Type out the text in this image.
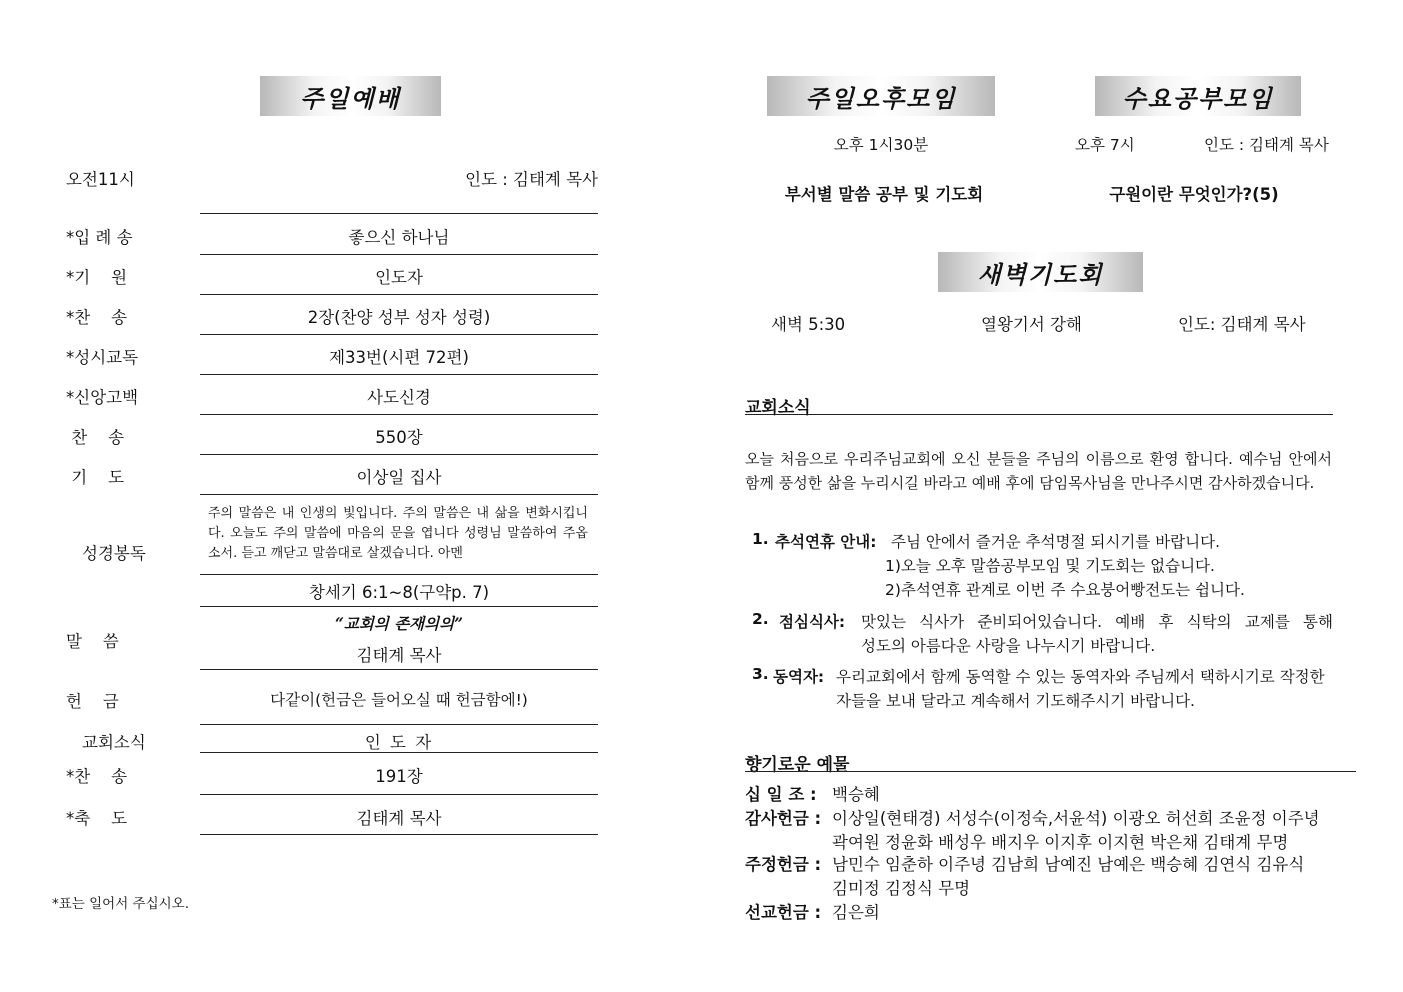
주일예배
오전11시	인도 : 김태계 목사
*입 례 송	좋으신 하나님
*기    원	인도자
*찬    송	2장(찬양 성부 성자 성령)
*성시교독	제33번(시편 72편)
*신앙고백	사도신경
찬    송	550장
기    도	이상일 집사
성경봉독
주의 말씀은 내 인생의 빛입니다. 주의 말씀은 내 삶을 변화시킵니다. 오늘도 주의 말씀에 마음의 문을 엽니다 성령님 말씀하여 주옵소서. 듣고 깨닫고 말씀대로 살겠습니다. 아멘
창세기 6:1~8(구약p. 7)
말    씀
“교회의 존재의의”
김태계 목사
헌    금	다같이(헌금은 들어오실 때 헌금함에!)
교회소식	인 도 자
*찬    송	191장
*축    도	김태계 목사
*표는 일어서 주십시오.
주일오후모임	수요공부모임
오후 1시30분	오후 7시	인도 : 김태계 목사
부서별 말씀 공부 및 기도회	구원이란 무엇인가?(5)
새벽기도회
새벽 5:30	열왕기서 강해	인도: 김태계 목사
교회소식
오늘 처음으로 우리주님교회에 오신 분들을 주님의 이름으로 환영 합니다. 예수님 안에서 함께 풍성한 삶을 누리시길 바라고 예배 후에 담임목사님을 만나주시면 감사하겠습니다.
1. 추석연휴 안내: 주님 안에서 즐거운 추석명절 되시기를 바랍니다.
1)오늘 오후 말씀공부모임 및 기도회는 없습니다.
2)추석연휴 관계로 이번 주 수요붕어빵전도는 쉽니다.
2. 점심식사: 맛있는 식사가 준비되어있습니다. 예배 후 식탁의 교제를 통해
성도의 아름다운 사랑을 나누시기 바랍니다.
3. 동역자: 우리교회에서 함께 동역할 수 있는 동역자와 주님께서 택하시기로 작정한
자들을 보내 달라고 계속해서 기도해주시기 바랍니다.
향기로운 예물
십 일 조 : 백승혜
감사헌금 : 이상일(현태경) 서성수(이정숙,서윤석) 이광오 허선희 조윤정 이주녕
곽여원 정윤화 배성우 배지우 이지후 이지현 박은채 김태계 무명
주정헌금 : 남민수 임춘하 이주녕 김남희 남예진 남예은 백승혜 김연식 김유식
김미정 김정식 무명
선교헌금 : 김은희
